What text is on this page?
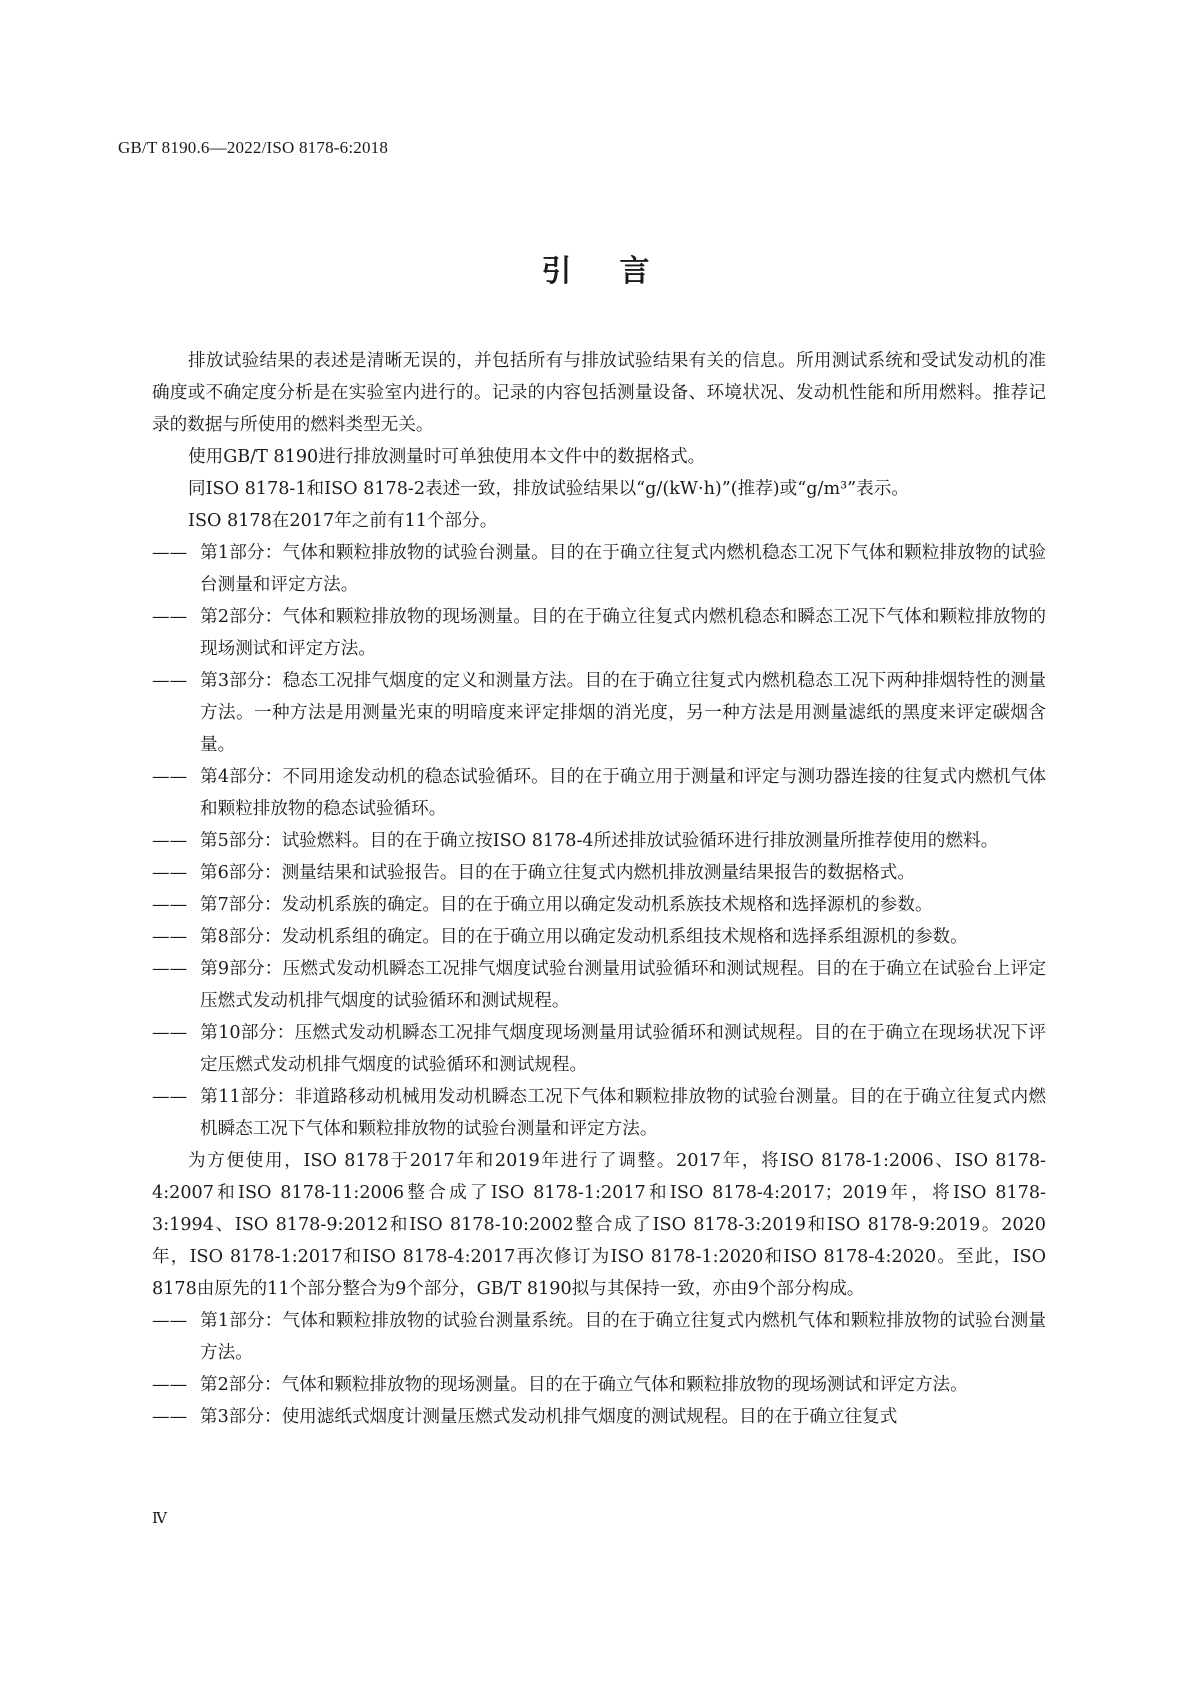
GB/T 8190.6—2022/ISO 8178-6:2018
引言

排放试验结果的表述是清晰无误的，并包括所有与排放试验结果有关的信息。所用测试系统和受试发动机的准确度或不确定度分析是在实验室内进行的。记录的内容包括测量设备、环境状况、发动机性能和所用燃料。推荐记录的数据与所使用的燃料类型无关。

使用GB/T 8190进行排放测量时可单独使用本文件中的数据格式。

同ISO 8178-1和ISO 8178-2表述一致，排放试验结果以“g/(kW·h)”(推荐)或“g/m³”表示。

ISO 8178在2017年之前有11个部分。

—— 第1部分：气体和颗粒排放物的试验台测量。目的在于确立往复式内燃机稳态工况下气体和颗粒排放物的试验台测量和评定方法。

—— 第2部分：气体和颗粒排放物的现场测量。目的在于确立往复式内燃机稳态和瞬态工况下气体和颗粒排放物的现场测试和评定方法。

—— 第3部分：稳态工况排气烟度的定义和测量方法。目的在于确立往复式内燃机稳态工况下两种排烟特性的测量方法。一种方法是用测量光束的明暗度来评定排烟的消光度，另一种方法是用测量滤纸的黑度来评定碳烟含量。

—— 第4部分：不同用途发动机的稳态试验循环。目的在于确立用于测量和评定与测功器连接的往复式内燃机气体和颗粒排放物的稳态试验循环。

—— 第5部分：试验燃料。目的在于确立按ISO 8178-4所述排放试验循环进行排放测量所推荐使用的燃料。

—— 第6部分：测量结果和试验报告。目的在于确立往复式内燃机排放测量结果报告的数据格式。

—— 第7部分：发动机系族的确定。目的在于确立用以确定发动机系族技术规格和选择源机的参数。

—— 第8部分：发动机系组的确定。目的在于确立用以确定发动机系组技术规格和选择系组源机的参数。

—— 第9部分：压燃式发动机瞬态工况排气烟度试验台测量用试验循环和测试规程。目的在于确立在试验台上评定压燃式发动机排气烟度的试验循环和测试规程。

—— 第10部分：压燃式发动机瞬态工况排气烟度现场测量用试验循环和测试规程。目的在于确立在现场状况下评定压燃式发动机排气烟度的试验循环和测试规程。

—— 第11部分：非道路移动机械用发动机瞬态工况下气体和颗粒排放物的试验台测量。目的在于确立往复式内燃机瞬态工况下气体和颗粒排放物的试验台测量和评定方法。

为方便使用，ISO 8178于2017年和2019年进行了调整。2017年，将ISO 8178-1:2006、ISO 8178-4:2007和ISO 8178-11:2006整合成了ISO 8178-1:2017和ISO 8178-4:2017；2019年，将ISO 8178-3:1994、ISO 8178-9:2012和ISO 8178-10:2002整合成了ISO 8178-3:2019和ISO 8178-9:2019。2020年，ISO 8178-1:2017和ISO 8178-4:2017再次修订为ISO 8178-1:2020和ISO 8178-4:2020。至此，ISO 8178由原先的11个部分整合为9个部分，GB/T 8190拟与其保持一致，亦由9个部分构成。

—— 第1部分：气体和颗粒排放物的试验台测量系统。目的在于确立往复式内燃机气体和颗粒排放物的试验台测量方法。

—— 第2部分：气体和颗粒排放物的现场测量。目的在于确立气体和颗粒排放物的现场测试和评定方法。

—— 第3部分：使用滤纸式烟度计测量压燃式发动机排气烟度的测试规程。目的在于确立往复式

Ⅳ
